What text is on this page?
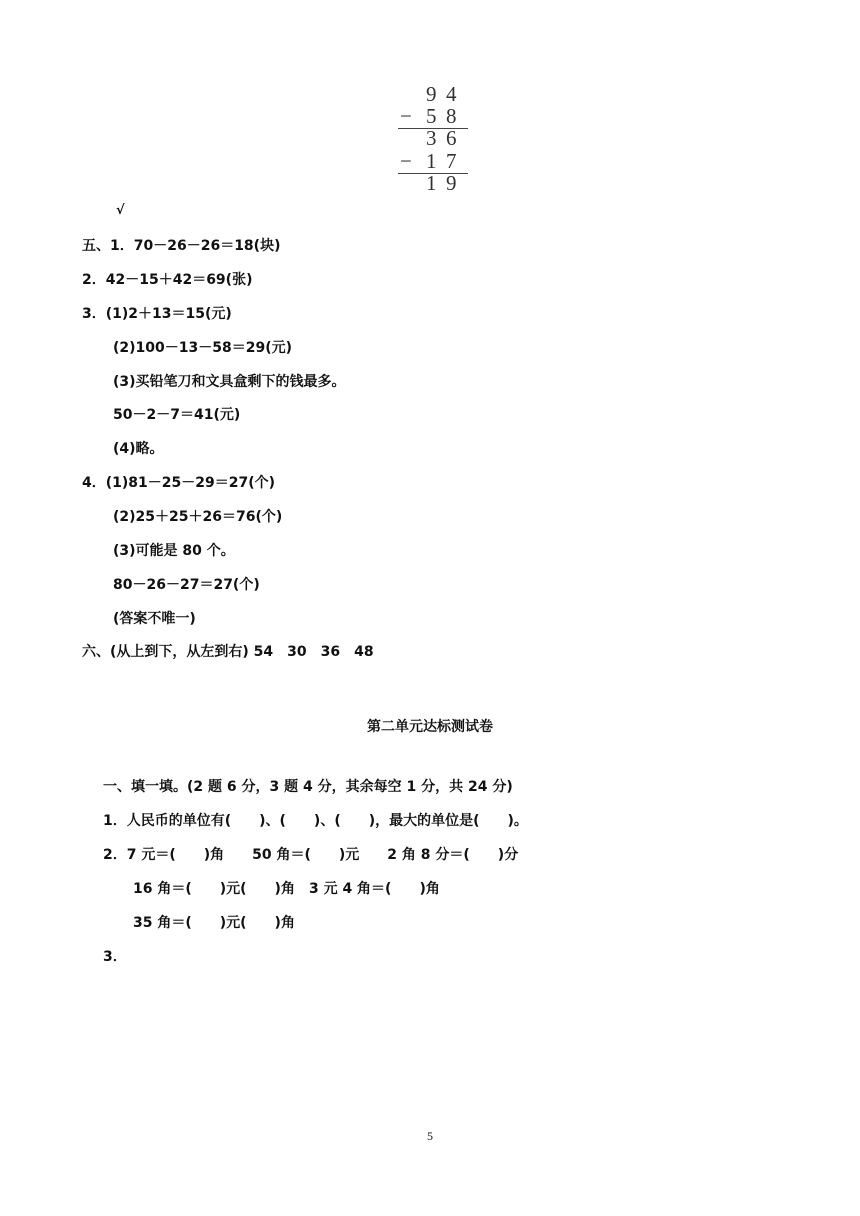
9 4
− 5 8
3 6
− 1 7
1 9
√
五、1．70－26－26＝18(块)
2．42－15＋42＝69(张)
3．(1)2＋13＝15(元)
(2)100－13－58＝29(元)
(3)买铅笔刀和文具盒剩下的钱最多。
50－2－7＝41(元)
(4)略。
4．(1)81－25－29＝27(个)
(2)25＋25＋26＝76(个)
(3)可能是 80 个。
80－26－27＝27(个)
(答案不唯一)
六、(从上到下，从左到右) 54　30　36　48
第二单元达标测试卷
一、填一填。(2 题 6 分，3 题 4 分，其余每空 1 分，共 24 分)
1．人民币的单位有(　　)、(　　)、(　　)，最大的单位是(　　)。
2．7 元＝(　　)角　　50 角＝(　　)元　　2 角 8 分＝(　　)分
16 角＝(　　)元(　　)角　3 元 4 角＝(　　)角
35 角＝(　　)元(　　)角
3．
5
